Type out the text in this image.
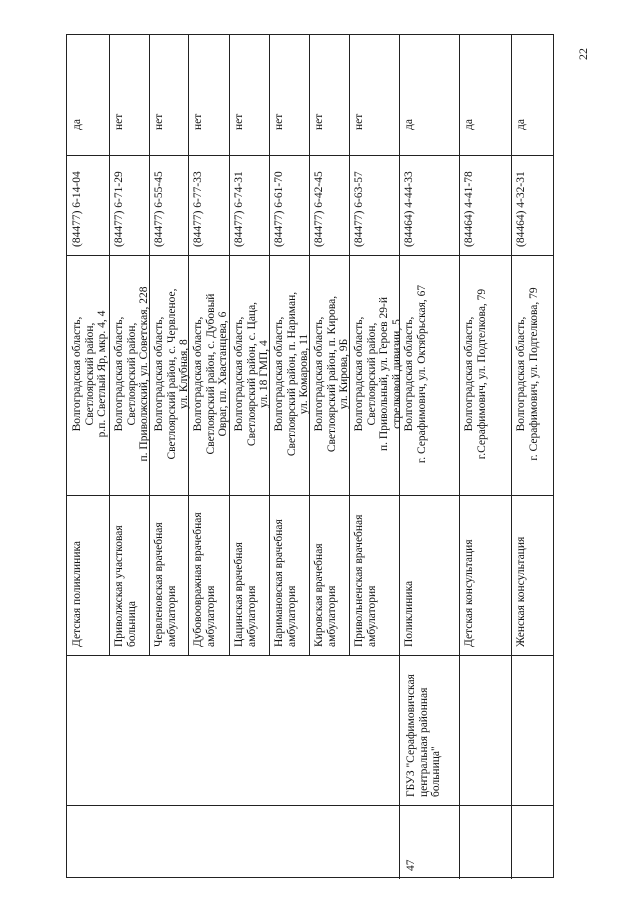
22
да
(84477) 6-14-04
Волгоградская область, Светлоярский район, р.п. Светлый Яр, мкр. 4, 4
Детская поликлиника
нет
(84477) 6-71-29
Волгоградская область, Светлоярский район, п. Приволжский, ул. Советская, 228
Приволжская участковая больница
нет
(84477) 6-55-45
Волгоградская область, Светлоярский район, с. Червленое, ул. Клубная, 8
Червленовская врачебная амбулатория
нет
(84477) 6-77-33
Волгоградская область, Светлоярский район, с. Дубовый Овраг, пл. Хвастанцева, 6
Дубовоовражная врачебная амбулатория
нет
(84477) 6-74-31
Волгоградская область, Светлоярский район, с. Цаца, ул. 18 ГМП, 4
Цацинская врачебная амбулатория
нет
(84477) 6-61-70
Волгоградская область, Светлоярский район, п. Нариман, ул. Комарова, 11
Наримановская врачебная амбулатория
нет
(84477) 6-42-45
Волгоградская область, Светлоярский район, п. Кирова, ул. Кирова, 9Б
Кировская врачебная амбулатория
нет
(84477) 6-63-57
Волгоградская область, Светлоярский район, п. Привольный, ул. Героев 29-й стрелковой дивизии, 5
Привольненская врачебная амбулатория
да
(84464) 4-44-33
Волгоградская область, г. Серафимович, ул. Октябрьская, 67
Поликлиника
да
(84464) 4-41-78
Волгоградская область, г.Серафимович, ул. Подтелкова, 79
Детская консультация
да
(84464) 4-32-31
Волгоградская область, г. Серафимович, ул. Подтелкова, 79
Женская консультация
ГБУЗ "Серафимовичская центральная районная больница"
47
